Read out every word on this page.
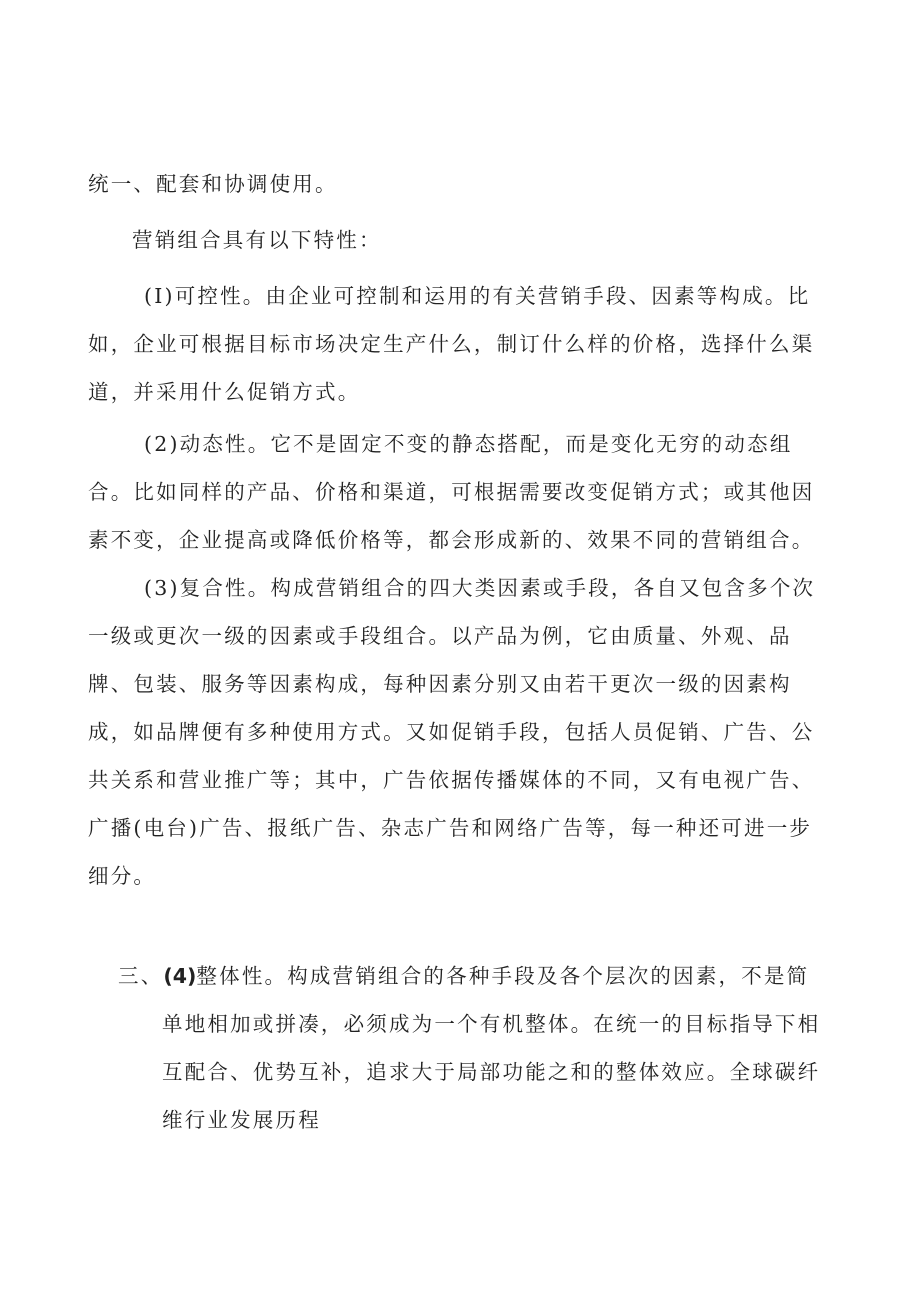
统一、配套和协调使用。
营销组合具有以下特性：
(I)可控性。由企业可控制和运用的有关营销手段、因素等构成。比
如，企业可根据目标市场决定生产什么，制订什么样的价格，选择什么渠
道，并采用什么促销方式。
(2)动态性。它不是固定不变的静态搭配，而是变化无穷的动态组
合。比如同样的产品、价格和渠道，可根据需要改变促销方式；或其他因
素不变，企业提高或降低价格等，都会形成新的、效果不同的营销组合。
(3)复合性。构成营销组合的四大类因素或手段，各自又包含多个次
一级或更次一级的因素或手段组合。以产品为例，它由质量、外观、品
牌、包装、服务等因素构成，每种因素分别又由若干更次一级的因素构
成，如品牌便有多种使用方式。又如促销手段，包括人员促销、广告、公
共关系和营业推广等；其中，广告依据传播媒体的不同，又有电视广告、
广播(电台)广告、报纸广告、杂志广告和网络广告等，每一种还可进一步
细分。
三、(4)整体性。构成营销组合的各种手段及各个层次的因素，不是简
单地相加或拼凑，必须成为一个有机整体。在统一的目标指导下相
互配合、优势互补，追求大于局部功能之和的整体效应。全球碳纤
维行业发展历程
